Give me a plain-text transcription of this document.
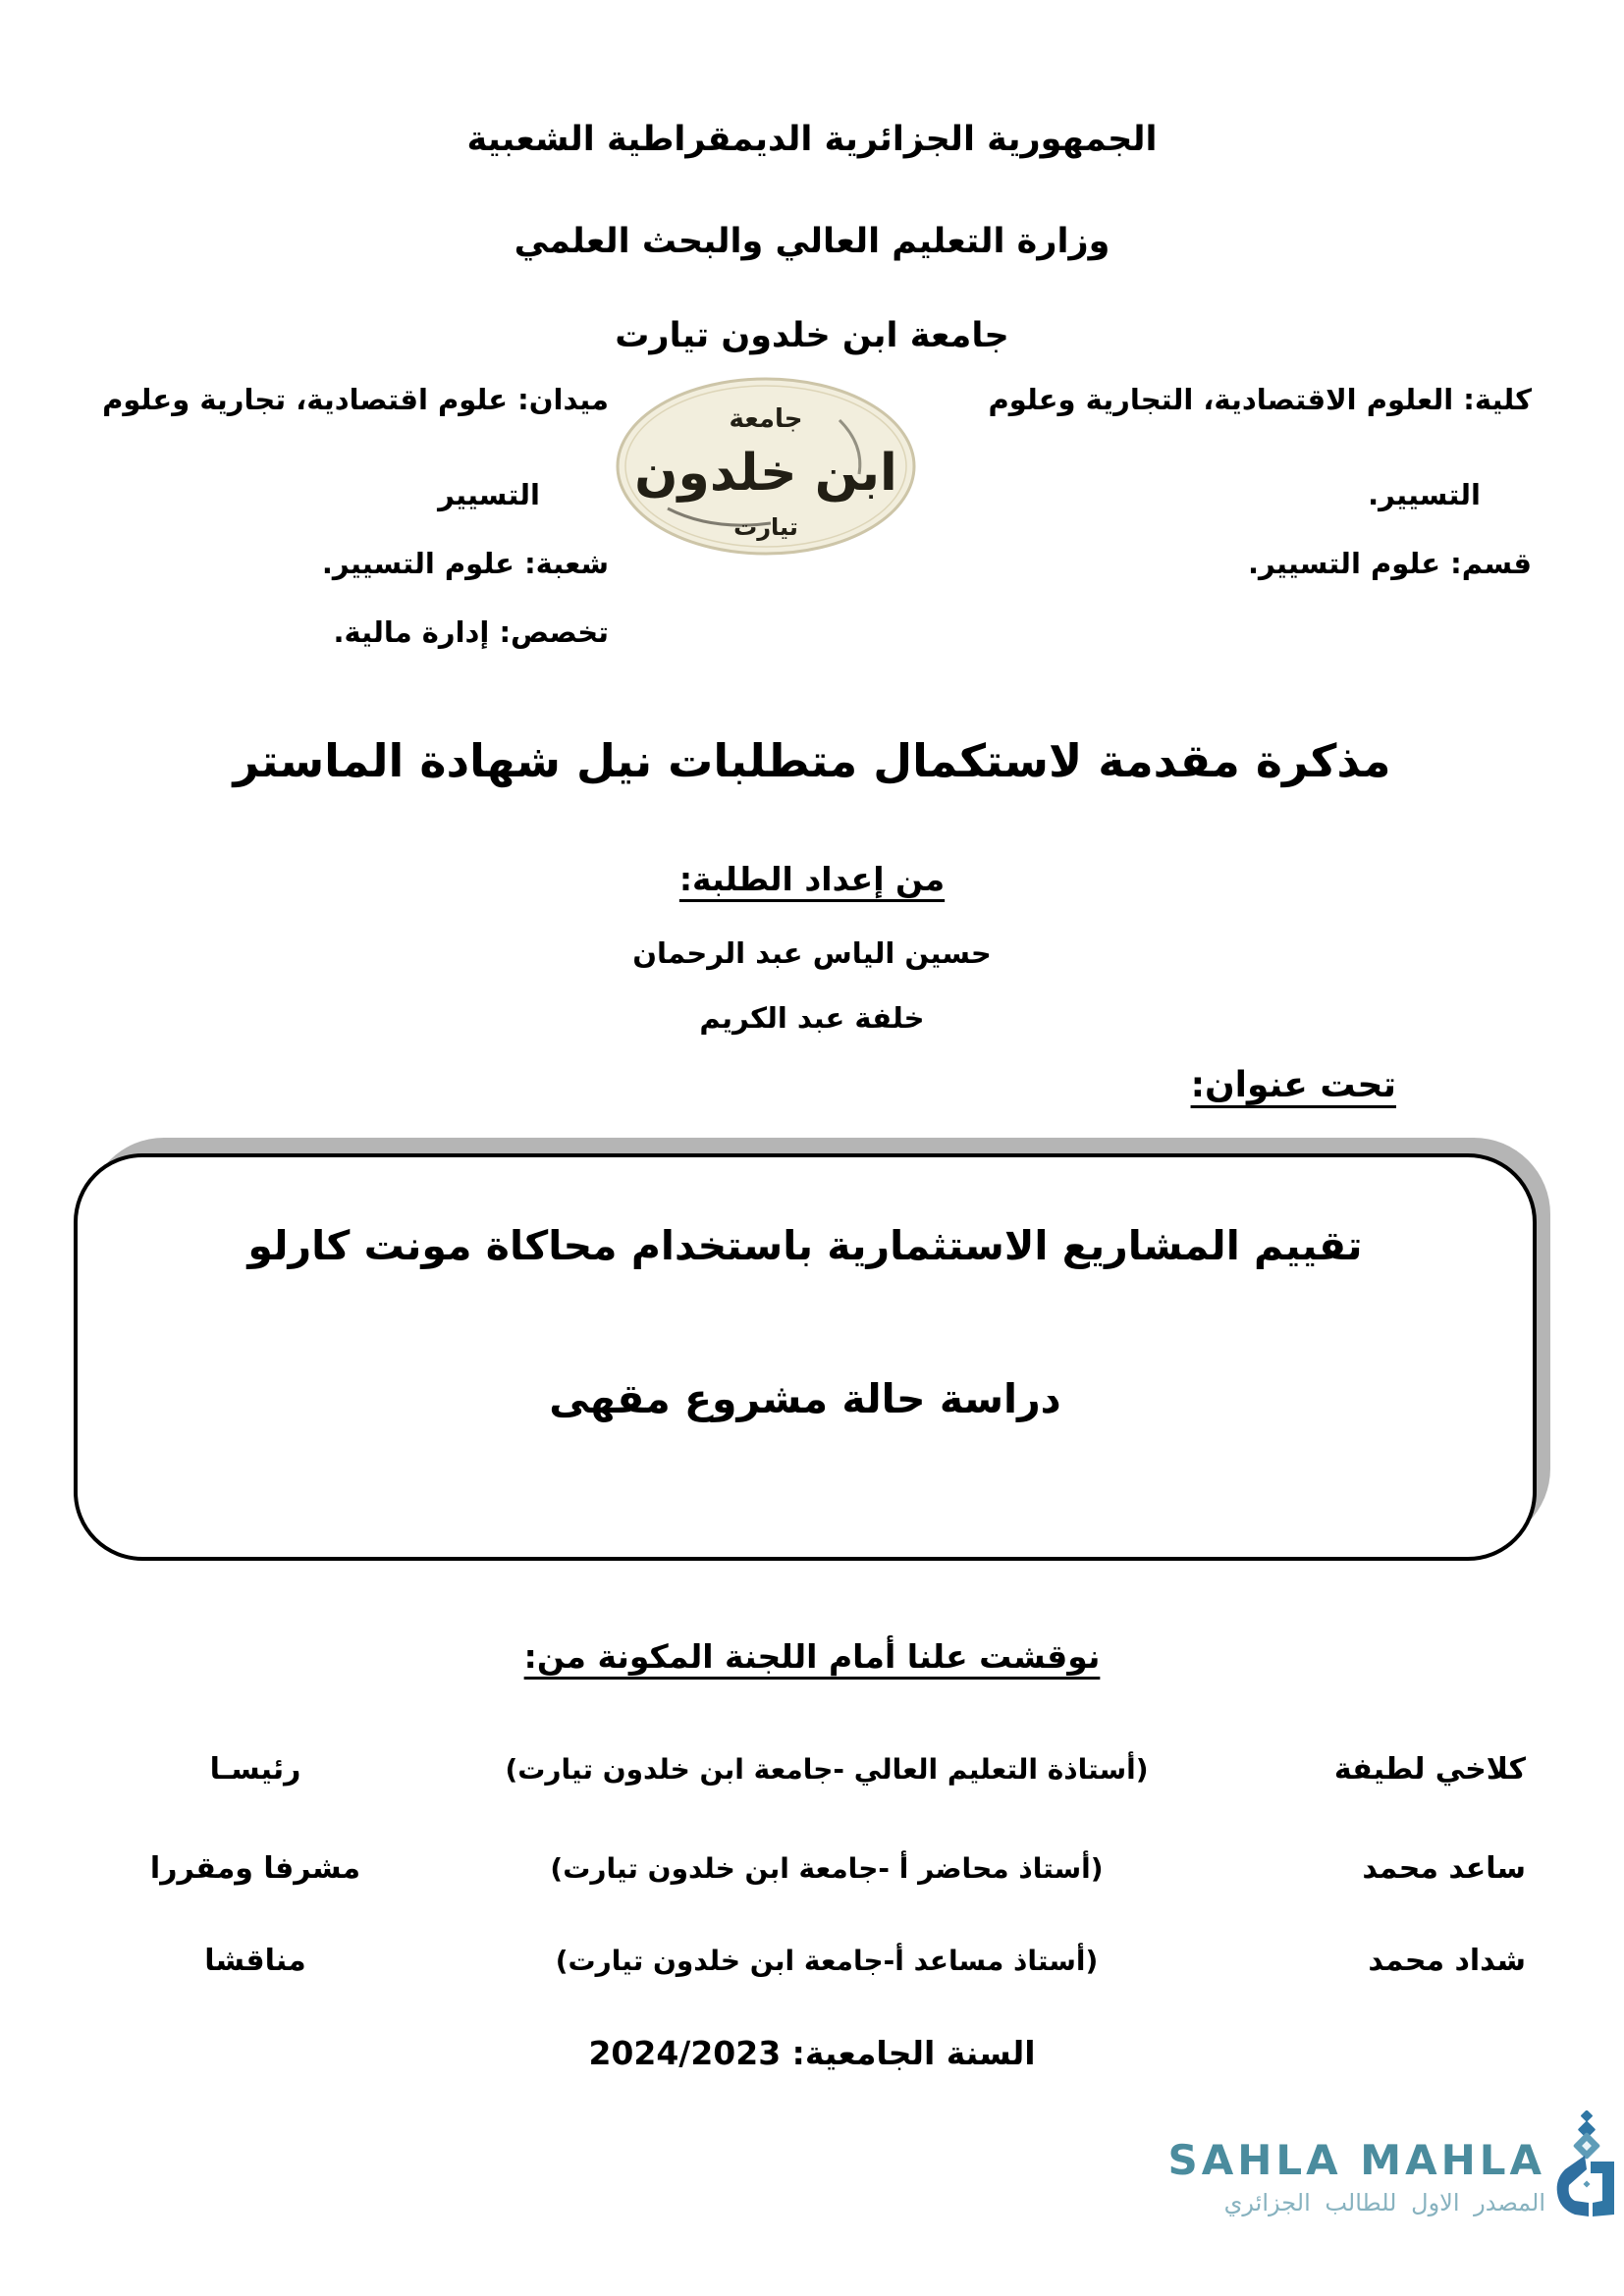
الجمهورية الجزائرية الديمقراطية الشعبية
وزارة التعليم العالي والبحث العلمي
جامعة ابن خلدون تيارت
كلية: العلوم الاقتصادية، التجارية وعلوم
التسيير.
قسم: علوم التسيير.
ميدان: علوم اقتصادية، تجارية وعلوم
التسيير
شعبة: علوم التسيير.
تخصص: إدارة مالية.
جامعة
ابن خلدون
تيارت
مذكرة مقدمة لاستكمال متطلبات نيل شهادة الماستر
من إعداد الطلبة:
حسين الياس عبد الرحمان
خلفة عبد الكريم
تحت عنوان:
تقييم المشاريع الاستثمارية باستخدام محاكاة مونت كارلو
دراسة حالة مشروع مقهى
نوقشت علنا أمام اللجنة المكونة من:
كلاخي لطيفة
(أستاذة التعليم العالي -جامعة ابن خلدون تيارت)
رئيسـا
ساعد محمد
(أستاذ محاضر أ -جامعة ابن خلدون تيارت)
مشرفا ومقررا
شداد محمد
(أستاذ مساعد أ-جامعة ابن خلدون تيارت)
مناقشا
السنة الجامعية: 2024/2023
SAHLA MAHLA
المصدر الاول للطالب الجزائري
